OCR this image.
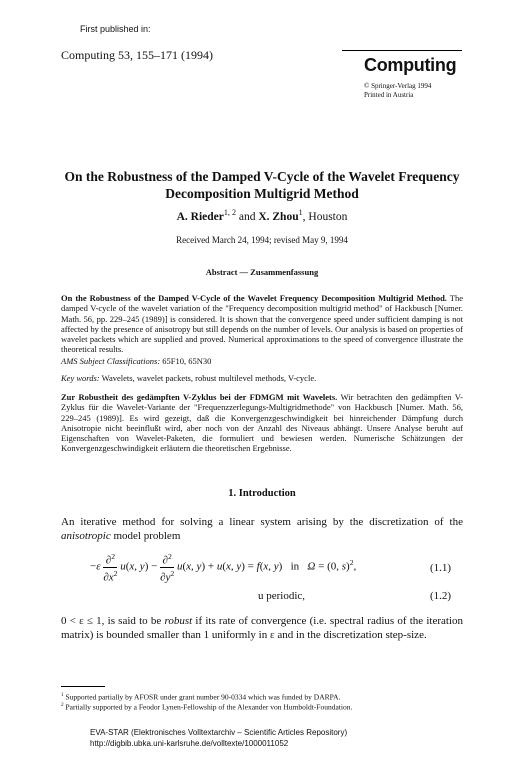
First published in:
Computing 53, 155–171 (1994)	Computing
© Springer-Verlag 1994
Printed in Austria
On the Robustness of the Damped V-Cycle of the Wavelet Frequency
Decomposition Multigrid Method
A. Rieder$^{1, 2}$ and X. Zhou$^1$, Houston
Received March 24, 1994; revised May 9, 1994
Abstract — Zusammenfassung
On the Robustness of the Damped V-Cycle of the Wavelet Frequency Decomposition Multigrid Method. The damped V-cycle of the wavelet variation of the "Frequency decomposition multigrid method" of Hackbusch [Numer. Math. 56, pp. 229–245 (1989)] is considered. It is shown that the convergence speed under sufficient damping is not affected by the presence of anisotropy but still depends on the number of levels. Our analysis is based on properties of wavelet packets which are supplied and proved. Numerical approximations to the speed of convergence illustrate the theoretical results.
AMS Subject Classifications: 65F10, 65N30
Key words: Wavelets, wavelet packets, robust multilevel methods, V-cycle.
Zur Robustheit des gedämpften V-Zyklus bei der FDMGM mit Wavelets. Wir betrachten den gedämpften V-Zyklus für die Wavelet-Variante der "Frequenzzerlegungs-Multigridmethode" von Hackbusch [Numer. Math. 56, 229–245 (1989)]. Es wird gezeigt, daß die Konvergenzgeschwindigkeit bei hinreichender Dämpfung durch Anisotropie nicht beeinflußt wird, aber noch von der Anzahl des Niveaus abhängt. Unsere Analyse beruht auf Eigenschaften von Wavelet-Paketen, die formuliert und bewiesen werden. Numerische Schätzungen der Konvergenzgeschwindigkeit erläutern die theoretischen Ergebnisse.
1. Introduction
An iterative method for solving a linear system arising by the discretization of the anisotropic model problem
$-\varepsilon \frac{\partial^2}{\partial x^2} u(x$, $y) - \frac{\partial^2}{\partial y^2} u(x$, y) + u(x, y) = f(x, y)   in   Ω = (0, s)$^2$,	(1.1)
u periodic,	(1.2)
0 < ε ≤ 1, is said to be robust if its rate of convergence (i.e. spectral radius of the iteration matrix) is bounded smaller than 1 uniformly in ε and in the discretization step-size.
$^1$ Supported partially by AFOSR under grant number 90-0334 which was funded by DARPA.
$^2$ Partially supported by a Feodor Lynen-Fellowship of the Alexander von Humboldt-Foundation.
EVA-STAR (Elektronisches Volltextarchiv – Scientific Articles Repository)
http://digbib.ubka.uni-karlsruhe.de/volltexte/1000011052
